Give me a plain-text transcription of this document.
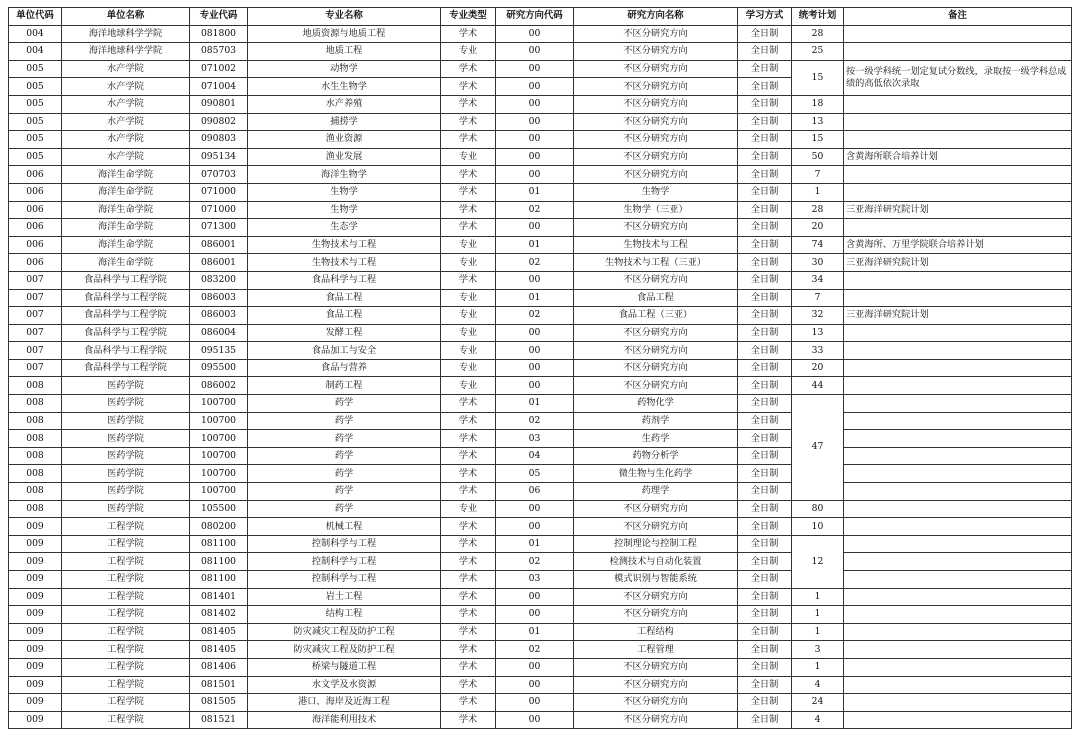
单位代码	单位名称	专业代码	专业名称	专业类型	研究方向代码	研究方向名称	学习方式	统考计划	备注
004	海洋地球科学学院	081800	地质资源与地质工程	学术	00	不区分研究方向	全日制	28	
004	海洋地球科学学院	085703	地质工程	专业	00	不区分研究方向	全日制	25	
005	水产学院	071002	动物学	学术	00	不区分研究方向	全日制	15	按一级学科统一划定复试分数线，录取按一级学科总成绩的高低依次录取
005	水产学院	071004	水生生物学	学术	00	不区分研究方向	全日制		
005	水产学院	090801	水产养殖	学术	00	不区分研究方向	全日制	18	
005	水产学院	090802	捕捞学	学术	00	不区分研究方向	全日制	13	
005	水产学院	090803	渔业资源	学术	00	不区分研究方向	全日制	15	
005	水产学院	095134	渔业发展	专业	00	不区分研究方向	全日制	50	含黄海所联合培养计划
006	海洋生命学院	070703	海洋生物学	学术	00	不区分研究方向	全日制	7	
006	海洋生命学院	071000	生物学	学术	01	生物学	全日制	1	
006	海洋生命学院	071000	生物学	学术	02	生物学（三亚）	全日制	28	三亚海洋研究院计划
006	海洋生命学院	071300	生态学	学术	00	不区分研究方向	全日制	20	
006	海洋生命学院	086001	生物技术与工程	专业	01	生物技术与工程	全日制	74	含黄海所、万里学院联合培养计划
006	海洋生命学院	086001	生物技术与工程	专业	02	生物技术与工程（三亚）	全日制	30	三亚海洋研究院计划
007	食品科学与工程学院	083200	食品科学与工程	学术	00	不区分研究方向	全日制	34	
007	食品科学与工程学院	086003	食品工程	专业	01	食品工程	全日制	7	
007	食品科学与工程学院	086003	食品工程	专业	02	食品工程（三亚）	全日制	32	三亚海洋研究院计划
007	食品科学与工程学院	086004	发酵工程	专业	00	不区分研究方向	全日制	13	
007	食品科学与工程学院	095135	食品加工与安全	专业	00	不区分研究方向	全日制	33	
007	食品科学与工程学院	095500	食品与营养	专业	00	不区分研究方向	全日制	20	
008	医药学院	086002	制药工程	专业	00	不区分研究方向	全日制	44	
008	医药学院	100700	药学	学术	01	药物化学	全日制	47	
008	医药学院	100700	药学	学术	02	药剂学	全日制		
008	医药学院	100700	药学	学术	03	生药学	全日制		
008	医药学院	100700	药学	学术	04	药物分析学	全日制		
008	医药学院	100700	药学	学术	05	微生物与生化药学	全日制		
008	医药学院	100700	药学	学术	06	药理学	全日制		
008	医药学院	105500	药学	专业	00	不区分研究方向	全日制	80	
009	工程学院	080200	机械工程	学术	00	不区分研究方向	全日制	10	
009	工程学院	081100	控制科学与工程	学术	01	控制理论与控制工程	全日制	12	
009	工程学院	081100	控制科学与工程	学术	02	检测技术与自动化装置	全日制		
009	工程学院	081100	控制科学与工程	学术	03	模式识别与智能系统	全日制		
009	工程学院	081401	岩土工程	学术	00	不区分研究方向	全日制	1	
009	工程学院	081402	结构工程	学术	00	不区分研究方向	全日制	1	
009	工程学院	081405	防灾减灾工程及防护工程	学术	01	工程结构	全日制	1	
009	工程学院	081405	防灾减灾工程及防护工程	学术	02	工程管理	全日制	3	
009	工程学院	081406	桥梁与隧道工程	学术	00	不区分研究方向	全日制	1	
009	工程学院	081501	水文学及水资源	学术	00	不区分研究方向	全日制	4	
009	工程学院	081505	港口、海岸及近海工程	学术	00	不区分研究方向	全日制	24	
009	工程学院	081521	海洋能利用技术	学术	00	不区分研究方向	全日制	4	
